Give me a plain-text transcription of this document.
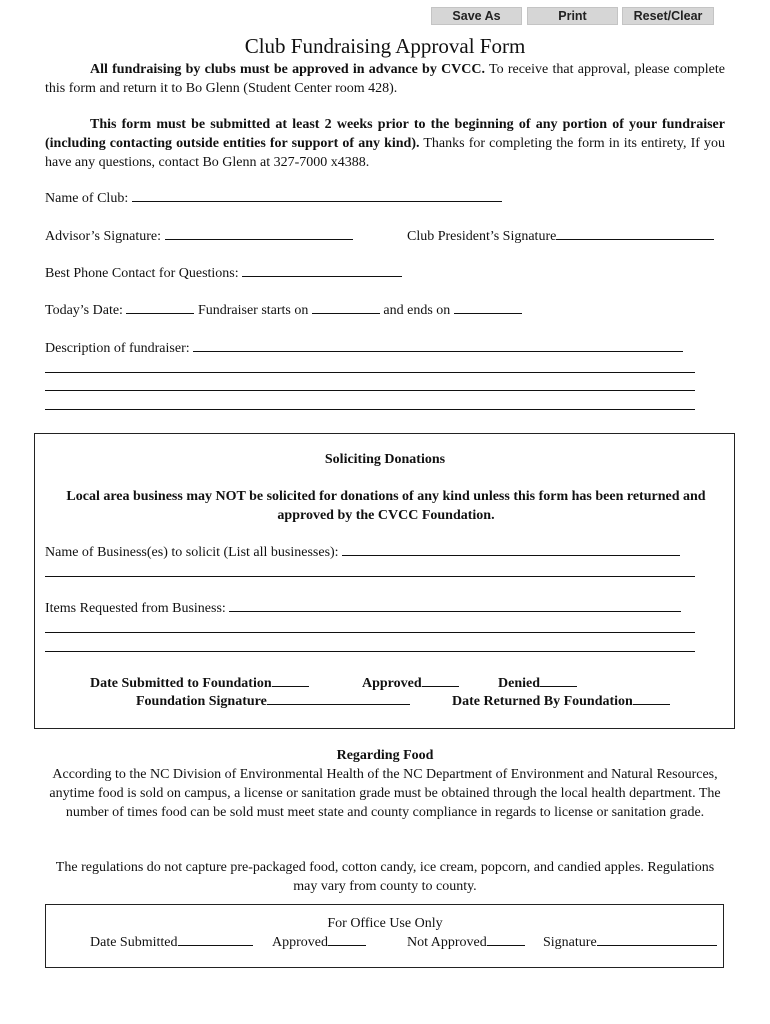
Save As	Print	Reset/Clear
Club Fundraising Approval Form
All fundraising by clubs must be approved in advance by CVCC. To receive that approval, please complete this form and return it to Bo Glenn (Student Center room 428).
This form must be submitted at least 2 weeks prior to the beginning of any portion of your fundraiser (including contacting outside entities for support of any kind). Thanks for completing the form in its entirety, If you have any questions, contact Bo Glenn at 327-7000 x4388.
Name of Club:
Advisor’s Signature:	Club President’s Signature
Best Phone Contact for Questions:
Today’s Date:	Fundraiser starts on	and ends on
Description of fundraiser:
Soliciting Donations
Local area business may NOT be solicited for donations of any kind unless this form has been returned and approved by the CVCC Foundation.
Name of Business(es) to solicit (List all businesses):
Items Requested from Business:
Date Submitted to Foundation	Approved	Denied
Foundation Signature	Date Returned By Foundation
Regarding Food
According to the NC Division of Environmental Health of the NC Department of Environment and Natural Resources, anytime food is sold on campus, a license or sanitation grade must be obtained through the local health department. The number of times food can be sold must meet state and county compliance in regards to license or sanitation grade.
The regulations do not capture pre-packaged food, cotton candy, ice cream, popcorn, and candied apples. Regulations may vary from county to county.
For Office Use Only
Date Submitted	Approved	Not Approved	Signature
